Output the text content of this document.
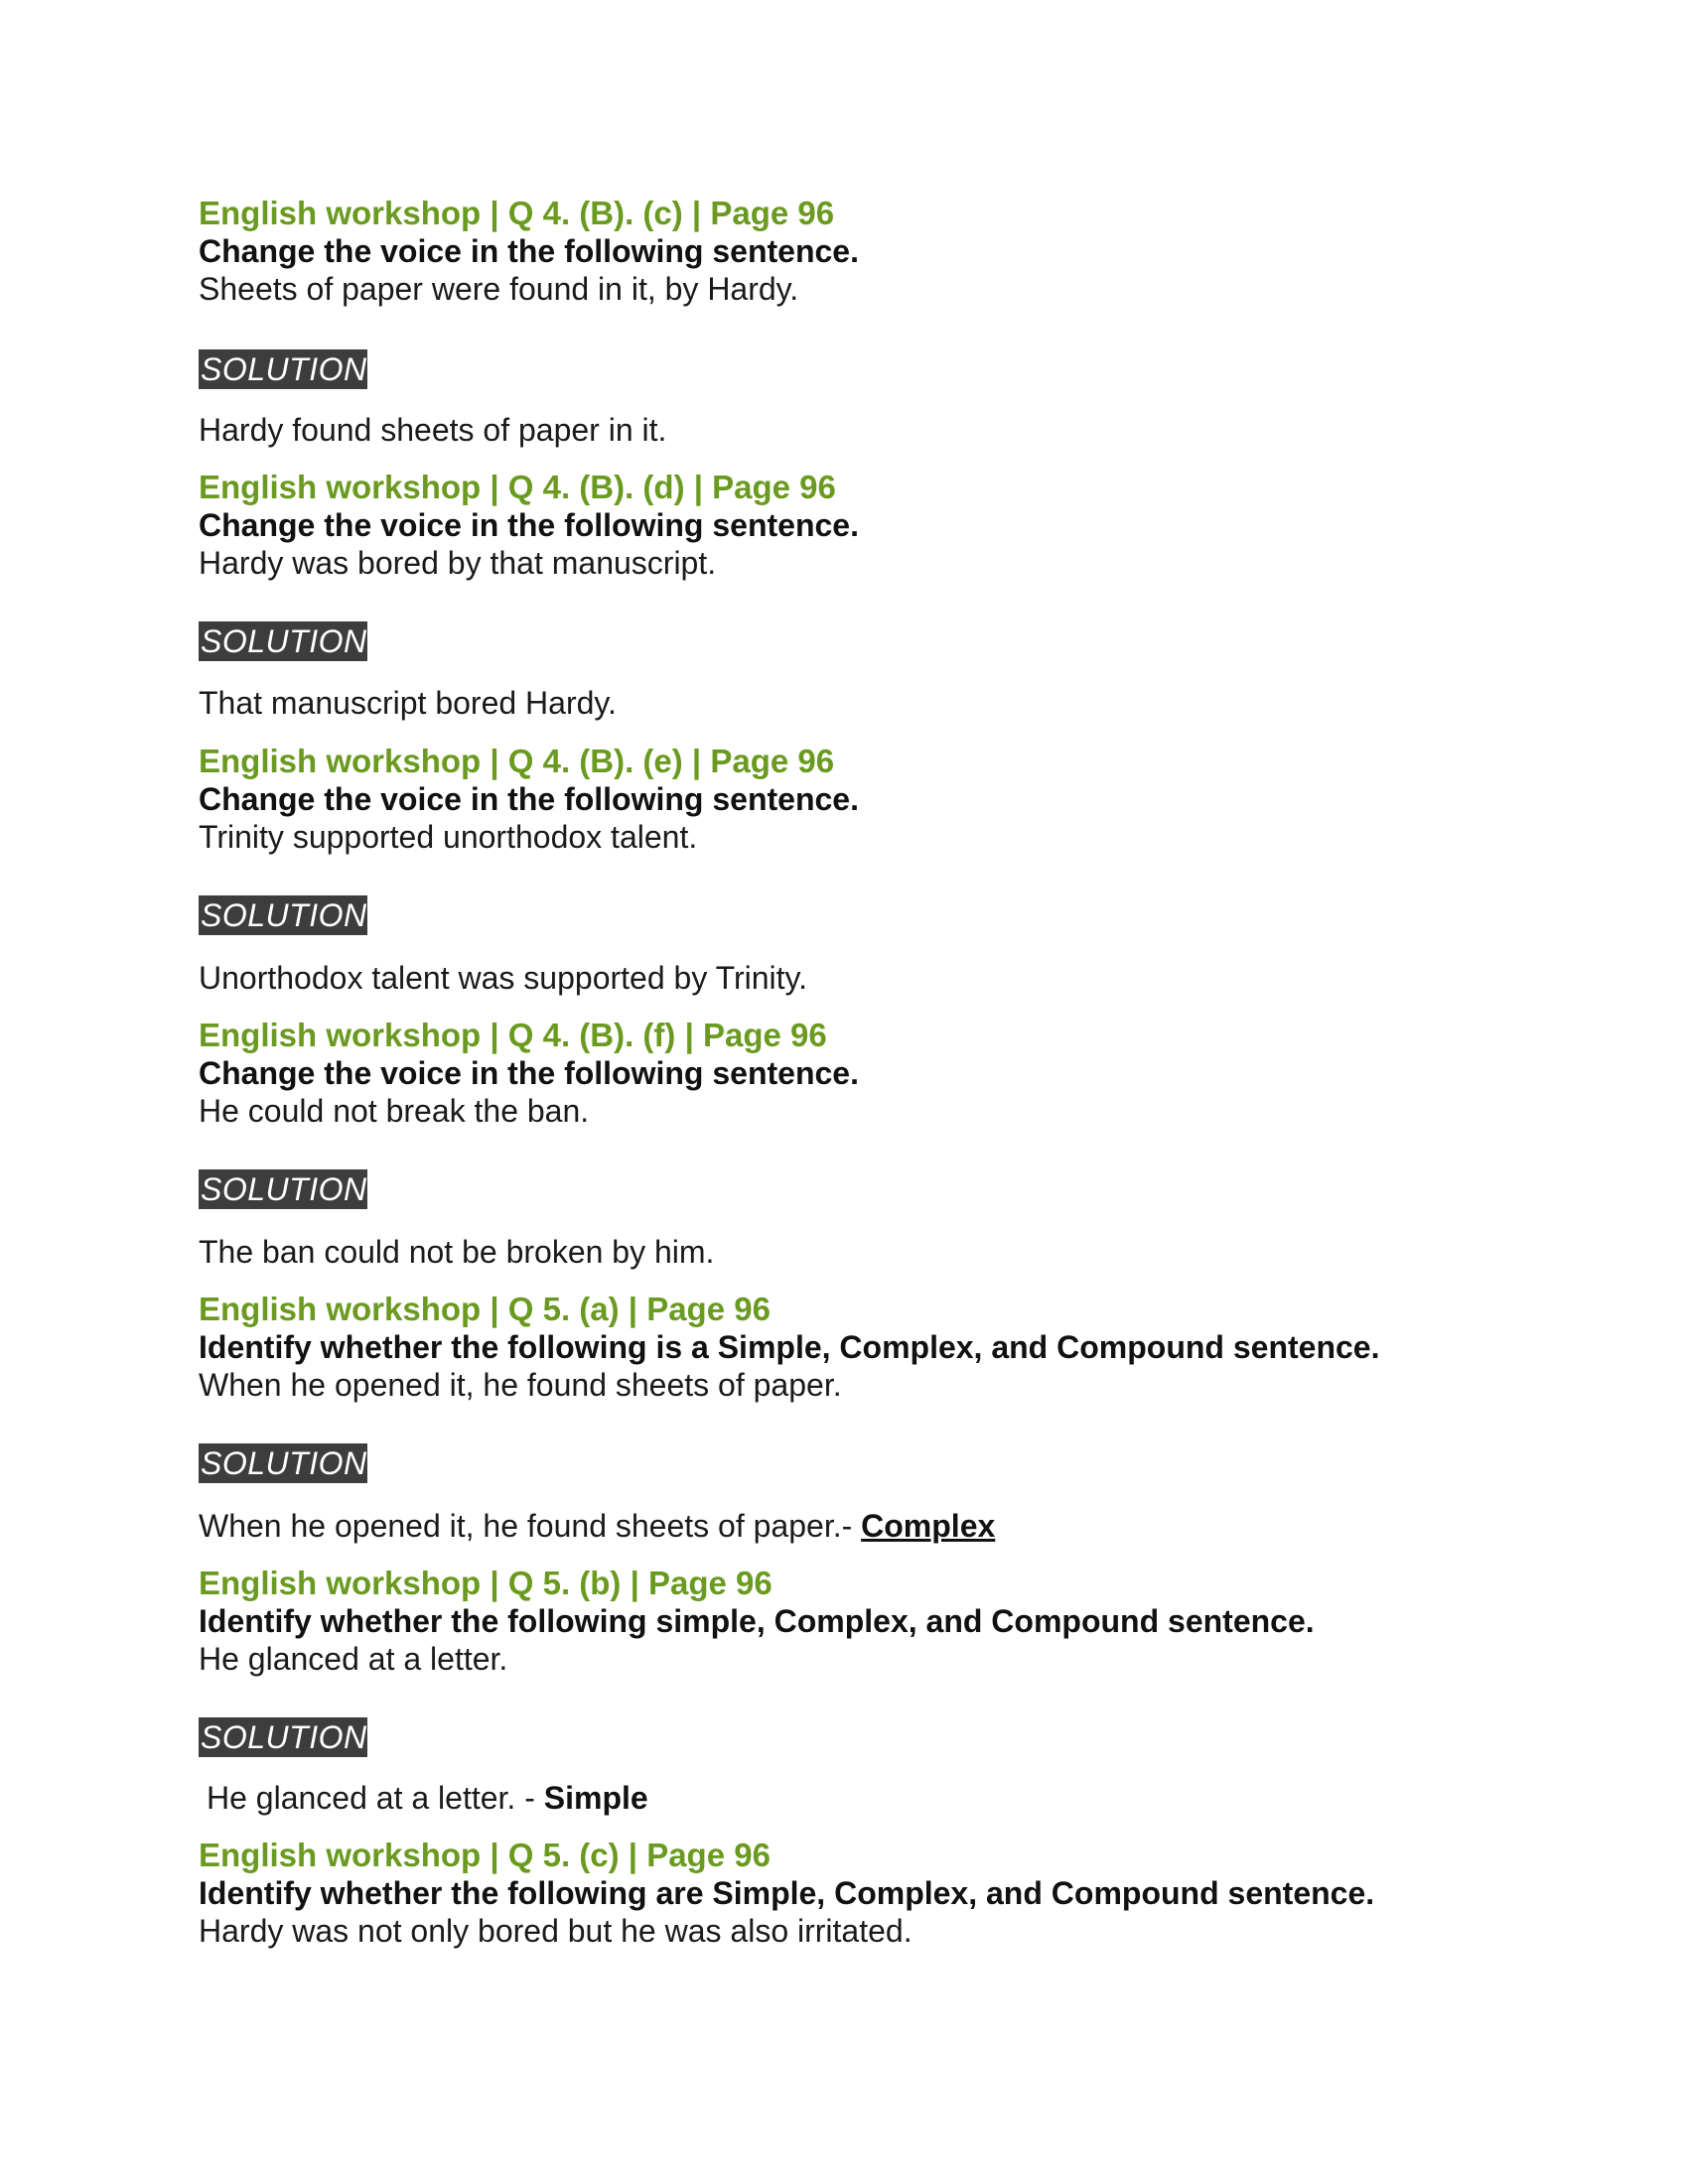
English workshop | Q 4. (B). (c) | Page 96
Change the voice in the following sentence.
Sheets of paper were found in it, by Hardy.
SOLUTION
Hardy found sheets of paper in it.
English workshop | Q 4. (B). (d) | Page 96
Change the voice in the following sentence.
Hardy was bored by that manuscript.
SOLUTION
That manuscript bored Hardy.
English workshop | Q 4. (B). (e) | Page 96
Change the voice in the following sentence.
Trinity supported unorthodox talent.
SOLUTION
Unorthodox talent was supported by Trinity.
English workshop | Q 4. (B). (f) | Page 96
Change the voice in the following sentence.
He could not break the ban.
SOLUTION
The ban could not be broken by him.
English workshop | Q 5. (a) | Page 96
Identify whether the following is a Simple, Complex, and Compound sentence.
When he opened it, he found sheets of paper.
SOLUTION
When he opened it, he found sheets of paper.- Complex
English workshop | Q 5. (b) | Page 96
Identify whether the following simple, Complex, and Compound sentence.
He glanced at a letter.
SOLUTION
He glanced at a letter. - Simple
English workshop | Q 5. (c) | Page 96
Identify whether the following are Simple, Complex, and Compound sentence.
Hardy was not only bored but he was also irritated.
